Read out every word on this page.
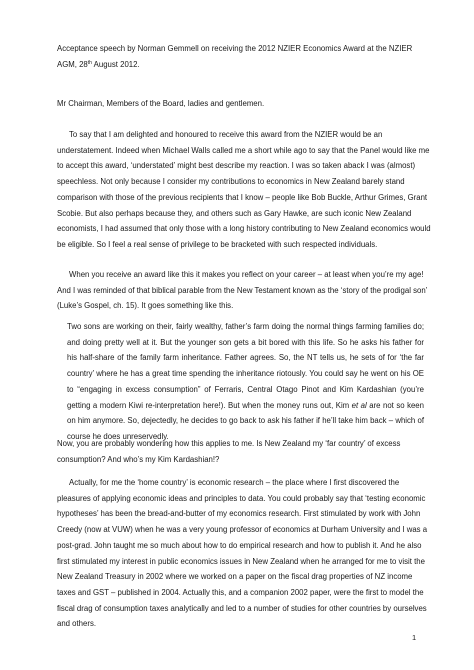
Acceptance speech by Norman Gemmell on receiving the 2012 NZIER Economics Award at the NZIER
AGM, 28th August 2012.

Mr Chairman, Members of the Board, ladies and gentlemen.

To say that I am delighted and honoured to receive this award from the NZIER would be an understatement. Indeed when Michael Walls called me a short while ago to say that the Panel would like me to accept this award, ‘understated’ might best describe my reaction. I was so taken aback I was (almost) speechless. Not only because I consider my contributions to economics in New Zealand barely stand comparison with those of the previous recipients that I know – people like Bob Buckle, Arthur Grimes, Grant Scobie. But also perhaps because they, and others such as Gary Hawke, are such iconic New Zealand economists, I had assumed that only those with a long history contributing to New Zealand economics would be eligible. So I feel a real sense of privilege to be bracketed with such respected individuals.

When you receive an award like this it makes you reflect on your career – at least when you’re my age! And I was reminded of that biblical parable from the New Testament known as the ‘story of the prodigal son’ (Luke’s Gospel, ch. 15). It goes something like this.

Two sons are working on their, fairly wealthy, father’s farm doing the normal things farming families do; and doing pretty well at it. But the younger son gets a bit bored with this life. So he asks his father for his half-share of the family farm inheritance. Father agrees. So, the NT tells us, he sets of for ‘the far country’ where he has a great time spending the inheritance riotously. You could say he went on his OE to “engaging in excess consumption” of Ferraris, Central Otago Pinot and Kim Kardashian (you’re getting a modern Kiwi re-interpretation here!). But when the money runs out, Kim et al are not so keen on him anymore. So, dejectedly, he decides to go back to ask his father if he’ll take him back – which of course he does unreservedly.

Now, you are probably wondering how this applies to me. Is New Zealand my ‘far country’ of excess consumption? And who’s my Kim Kardashian!?

Actually, for me the ‘home country’ is economic research – the place where I first discovered the pleasures of applying economic ideas and principles to data. You could probably say that ‘testing economic hypotheses’ has been the bread-and-butter of my economics research. First stimulated by work with John Creedy (now at VUW) when he was a very young professor of economics at Durham University and I was a post-grad. John taught me so much about how to do empirical research and how to publish it. And he also first stimulated my interest in public economics issues in New Zealand when he arranged for me to visit the New Zealand Treasury in 2002 where we worked on a paper on the fiscal drag properties of NZ income taxes and GST – published in 2004. Actually this, and a companion 2002 paper, were the first to model the fiscal drag of consumption taxes analytically and led to a number of studies for other countries by ourselves and others.

1
